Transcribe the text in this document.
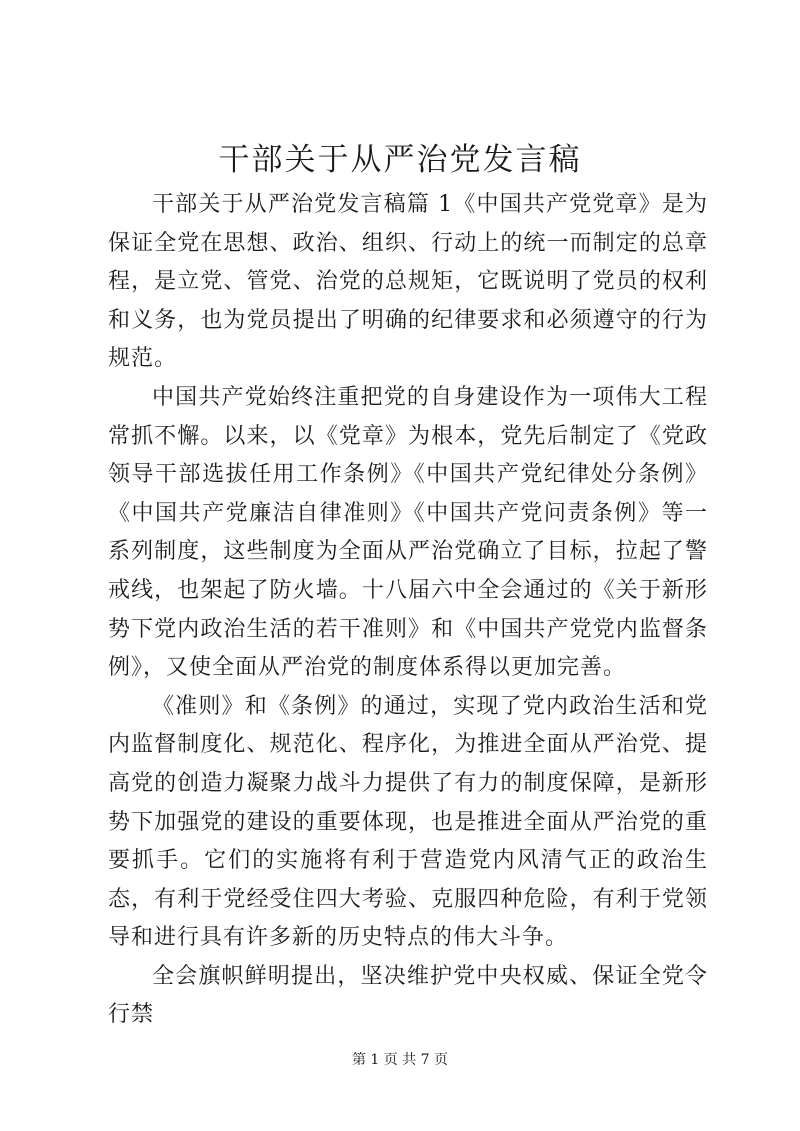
干部关于从严治党发言稿

干部关于从严治党发言稿篇 1《中国共产党党章》是为保证全党在思想、政治、组织、行动上的统一而制定的总章程，是立党、管党、治党的总规矩，它既说明了党员的权利和义务，也为党员提出了明确的纪律要求和必须遵守的行为规范。

中国共产党始终注重把党的自身建设作为一项伟大工程常抓不懈。以来，以《党章》为根本，党先后制定了《党政领导干部选拔任用工作条例》《中国共产党纪律处分条例》《中国共产党廉洁自律准则》《中国共产党问责条例》等一系列制度，这些制度为全面从严治党确立了目标，拉起了警戒线，也架起了防火墙。十八届六中全会通过的《关于新形势下党内政治生活的若干准则》和《中国共产党党内监督条例》，又使全面从严治党的制度体系得以更加完善。

《准则》和《条例》的通过，实现了党内政治生活和党内监督制度化、规范化、程序化，为推进全面从严治党、提高党的创造力凝聚力战斗力提供了有力的制度保障，是新形势下加强党的建设的重要体现，也是推进全面从严治党的重要抓手。它们的实施将有利于营造党内风清气正的政治生态，有利于党经受住四大考验、克服四种危险，有利于党领导和进行具有许多新的历史特点的伟大斗争。

全会旗帜鲜明提出，坚决维护党中央权威、保证全党令行禁

第 1 页 共 7 页
